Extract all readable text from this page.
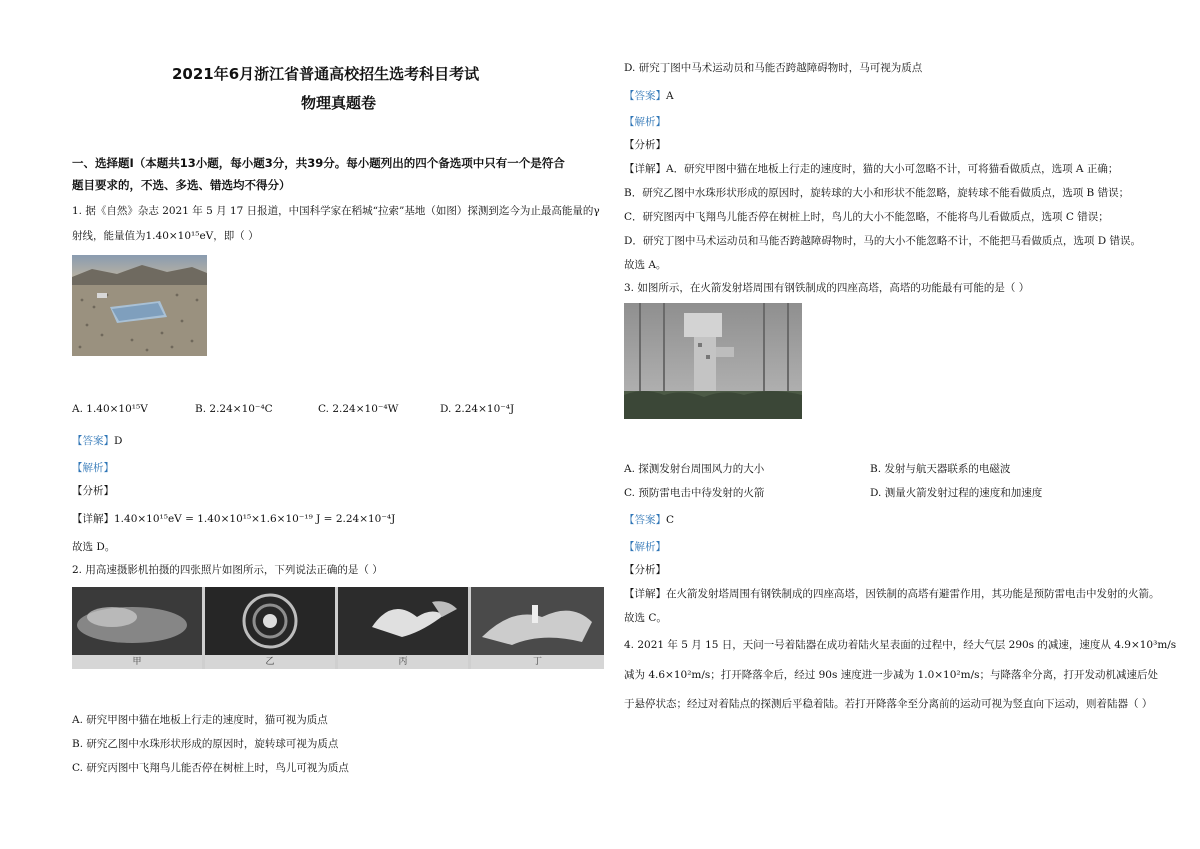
2021年6月浙江省普通高校招生选考科目考试
物理真题卷
一、选择题Ⅰ（本题共13小题，每小题3分，共39分。每小题列出的四个备选项中只有一个是符合
题目要求的，不选、多选、错选均不得分）
1. 据《自然》杂志 2021 年 5 月 17 日报道，中国科学家在稻城“拉索”基地（如图）探测到迄今为止最高能量的γ
射线，能量值为1.40×10¹⁵eV，即（ ）
A. 1.40×10¹⁵V	B. 2.24×10⁻⁴C	C. 2.24×10⁻⁴W	D. 2.24×10⁻⁴J
【答案】D
【解析】
【分析】
【详解】1.40×10¹⁵eV = 1.40×10¹⁵×1.6×10⁻¹⁹ J = 2.24×10⁻⁴J
故选 D。
2. 用高速摄影机拍摄的四张照片如图所示，下列说法正确的是（ ）
甲	乙	丙	丁
A. 研究甲图中猫在地板上行走的速度时，猫可视为质点
B. 研究乙图中水珠形状形成的原因时，旋转球可视为质点
C. 研究丙图中飞翔鸟儿能否停在树桩上时，鸟儿可视为质点
D. 研究丁图中马术运动员和马能否跨越障碍物时，马可视为质点
【答案】A
【解析】
【分析】
【详解】A．研究甲图中猫在地板上行走的速度时，猫的大小可忽略不计，可将猫看做质点，选项 A 正确；
B．研究乙图中水珠形状形成的原因时，旋转球的大小和形状不能忽略，旋转球不能看做质点，选项 B 错误；
C．研究图丙中飞翔鸟儿能否停在树桩上时，鸟儿的大小不能忽略，不能将鸟儿看做质点，选项 C 错误；
D．研究丁图中马术运动员和马能否跨越障碍物时，马的大小不能忽略不计，不能把马看做质点，选项 D 错误。
故选 A。
3. 如图所示，在火箭发射塔周围有钢铁制成的四座高塔，高塔的功能最有可能的是（ ）
A. 探测发射台周围风力的大小	B. 发射与航天器联系的电磁波
C. 预防雷电击中待发射的火箭	D. 测量火箭发射过程的速度和加速度
【答案】C
【解析】
【分析】
【详解】在火箭发射塔周围有钢铁制成的四座高塔，因铁制的高塔有避雷作用，其功能是预防雷电击中发射的火箭。
故选 C。
4. 2021 年 5 月 15 日，天问一号着陆器在成功着陆火星表面的过程中，经大气层 290s 的减速，速度从 4.9×10³m/s
减为 4.6×10²m/s；打开降落伞后，经过 90s 速度进一步减为 1.0×10²m/s；与降落伞分离，打开发动机减速后处
于悬停状态；经过对着陆点的探测后平稳着陆。若打开降落伞至分离前的运动可视为竖直向下运动，则着陆器（ ）
